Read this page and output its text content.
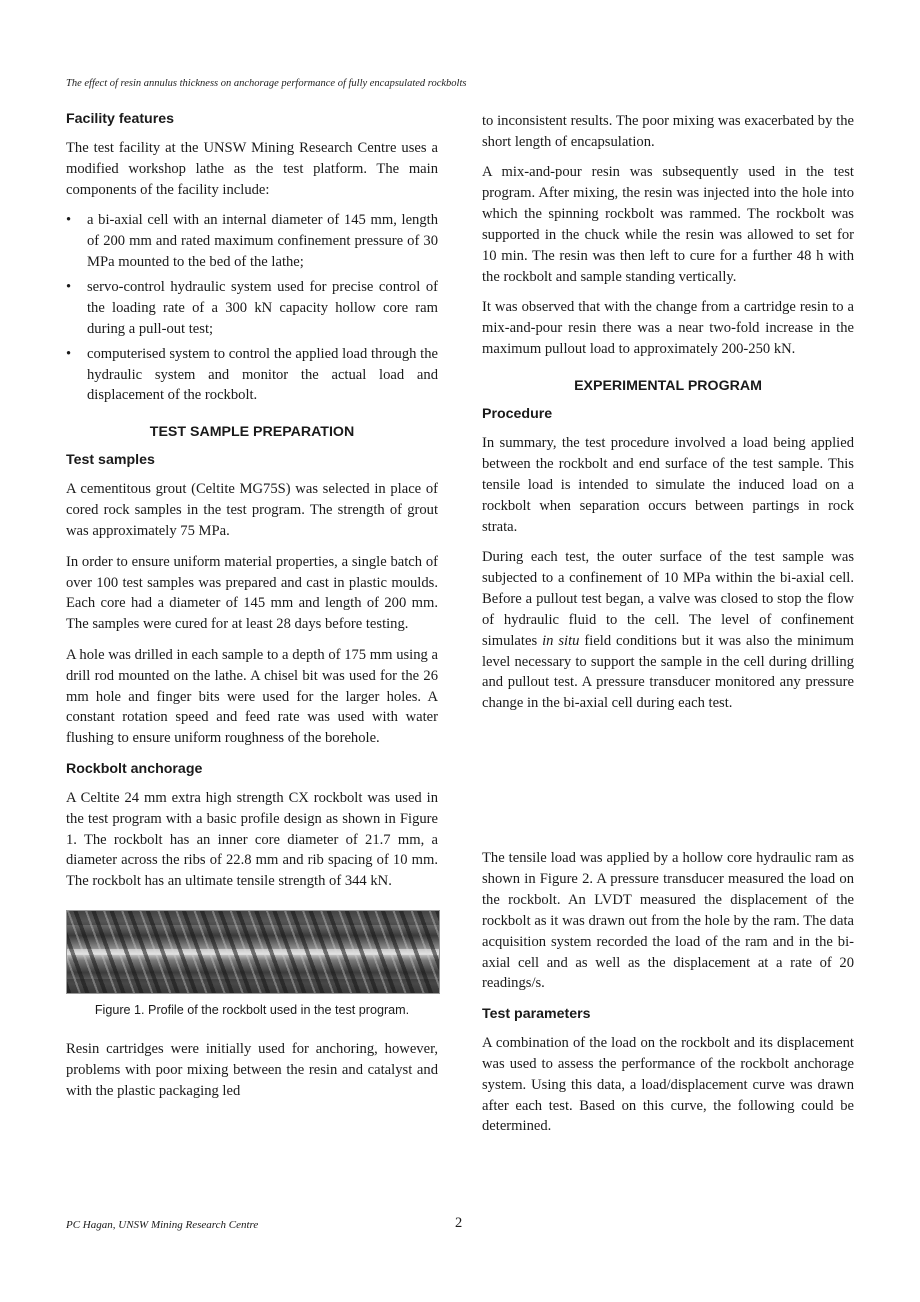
The effect of resin annulus thickness on anchorage performance of fully encapsulated rockbolts
Facility features

The test facility at the UNSW Mining Research Centre uses a modified workshop lathe as the test platform. The main components of the facility include:

• a bi-axial cell with an internal diameter of 145 mm, length of 200 mm and rated maximum confinement pressure of 30 MPa mounted to the bed of the lathe;
• servo-control hydraulic system used for precise control of the loading rate of a 300 kN capacity hollow core ram during a pull-out test;
• computerised system to control the applied load through the hydraulic system and monitor the actual load and displacement of the rockbolt.
TEST SAMPLE PREPARATION
Test samples

A cementitous grout (Celtite MG75S) was selected in place of cored rock samples in the test program. The strength of grout was approximately 75 MPa.

In order to ensure uniform material properties, a single batch of over 100 test samples was prepared and cast in plastic moulds. Each core had a diameter of 145 mm and length of 200 mm. The samples were cured for at least 28 days before testing.

A hole was drilled in each sample to a depth of 175 mm using a drill rod mounted on the lathe. A chisel bit was used for the 26 mm hole and finger bits were used for the larger holes. A constant rotation speed and feed rate was used with water flushing to ensure uniform roughness of the borehole.

Rockbolt anchorage

A Celtite 24 mm extra high strength CX rockbolt was used in the test program with a basic profile design as shown in Figure 1. The rockbolt has an inner core diameter of 21.7 mm, a diameter across the ribs of 22.8 mm and rib spacing of 10 mm. The rockbolt has an ultimate tensile strength of 344 kN.

Figure 1. Profile of the rockbolt used in the test program.

Resin cartridges were initially used for anchoring, however, problems with poor mixing between the resin and catalyst and with the plastic packaging led

to inconsistent results. The poor mixing was exacerbated by the short length of encapsulation.

A mix-and-pour resin was subsequently used in the test program. After mixing, the resin was injected into the hole into which the spinning rockbolt was rammed. The rockbolt was supported in the chuck while the resin was allowed to set for 10 min. The resin was then left to cure for a further 48 h with the rockbolt and sample standing vertically.

It was observed that with the change from a cartridge resin to a mix-and-pour resin there was a near two-fold increase in the maximum pullout load to approximately 200-250 kN.

EXPERIMENTAL PROGRAM
Procedure

In summary, the test procedure involved a load being applied between the rockbolt and end surface of the test sample. This tensile load is intended to simulate the induced load on a rockbolt when separation occurs between partings in rock strata.

During each test, the outer surface of the test sample was subjected to a confinement of 10 MPa within the bi-axial cell. Before a pullout test began, a valve was closed to stop the flow of hydraulic fluid to the cell. The level of confinement simulates in situ field conditions but it was also the minimum level necessary to support the sample in the cell during drilling and pullout test. A pressure transducer monitored any pressure change in the bi-axial cell during each test.

The tensile load was applied by a hollow core hydraulic ram as shown in Figure 2. A pressure transducer measured the load on the rockbolt. An LVDT measured the displacement of the rockbolt as it was drawn out from the hole by the ram. The data acquisition system recorded the load of the ram and in the bi-axial cell and as well as the displacement at a rate of 20 readings/s.

Test parameters

A combination of the load on the rockbolt and its displacement was used to assess the performance of the rockbolt anchorage system. Using this data, a load/displacement curve was drawn after each test. Based on this curve, the following could be determined.

PC Hagan, UNSW Mining Research Centre	2
